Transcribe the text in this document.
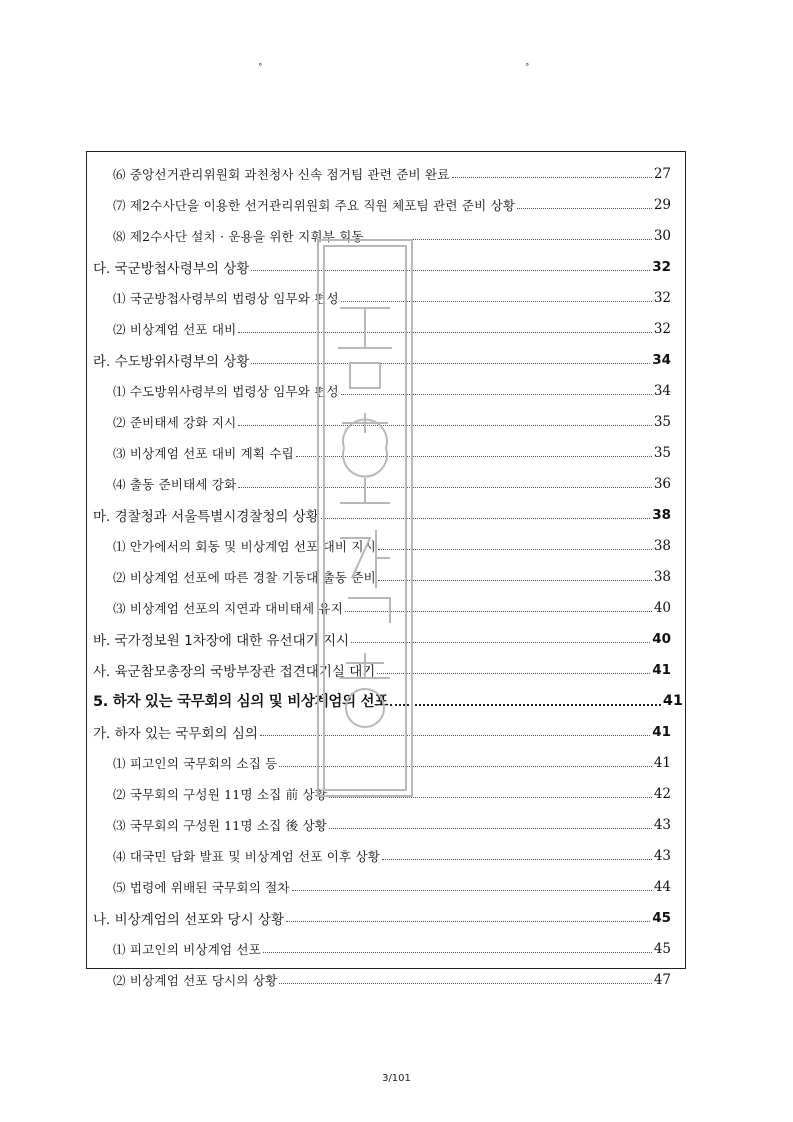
˚	˚
⑹ 중앙선거관리위원회 과천청사 신속 점거팀 관련 준비 완료	27
⑺ 제2수사단을 이용한 선거관리위원회 주요 직원 체포팀 관련 준비 상황	29
⑻ 제2수사단 설치 · 운용을 위한 지휘부 회동	30
다. 국군방첩사령부의 상황	32
⑴ 국군방첩사령부의 법령상 임무와 편성	32
⑵ 비상계엄 선포 대비	32
라. 수도방위사령부의 상황	34
⑴ 수도방위사령부의 법령상 임무와 편성	34
⑵ 준비태세 강화 지시	35
⑶ 비상계엄 선포 대비 계획 수립	35
⑷ 출동 준비태세 강화	36
마. 경찰청과 서울특별시경찰청의 상황	38
⑴ 안가에서의 회동 및 비상계엄 선포 대비 지시	38
⑵ 비상계엄 선포에 따른 경찰 기동대 출동 준비	38
⑶ 비상계엄 선포의 지연과 대비태세 유지	40
바. 국가정보원 1차장에 대한 유선대기 지시	40
사. 육군참모총장의 국방부장관 접견대기실 대기	41
5. 하자 있는 국무회의 심의 및 비상계엄의 선포	41
가. 하자 있는 국무회의 심의	41
⑴ 피고인의 국무회의 소집 등	41
⑵ 국무회의 구성원 11명 소집 前 상황	42
⑶ 국무회의 구성원 11명 소집 後 상황	43
⑷ 대국민 담화 발표 및 비상계엄 선포 이후 상황	43
⑸ 법령에 위배된 국무회의 절차	44
나. 비상계엄의 선포와 당시 상황	45
⑴ 피고인의 비상계엄 선포	45
⑵ 비상계엄 선포 당시의 상황	47
3/101
